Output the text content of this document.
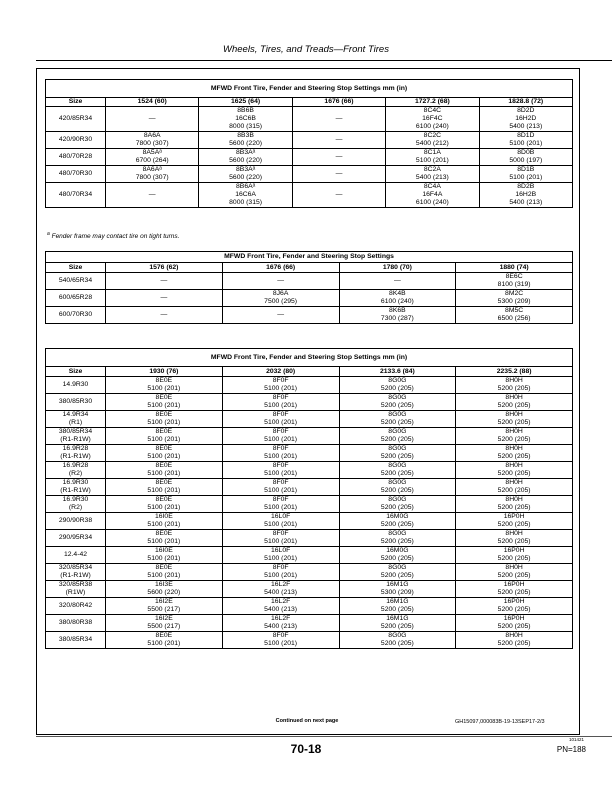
Wheels, Tires, and Treads—Front Tires
MFWD Front Tire, Fender and Steering Stop Settings mm (in)					
Size	1524 (60)	1625 (64)	1676 (66)	1727.2 (68)	1828.8 (72)
420/85R34	—	8B6B
16C6B
8000 (315)	—	8C4C
16F4C
6100 (240)	8D2D
16H2D
5400 (213)

420/90R30	8A6A
7800 (307)	8B3B
5600 (220)	—	8C2C
5400 (212)	8D1D
5100 (201)

480/70R28	8A5Aᵃ
6700 (264)	8B3Aᵃ
5600 (220)	—	8C1A
5100 (201)	8D0B
5000 (197)

480/70R30	8A6Aᵃ
7800 (307)	8B3Aᵃ
5600 (220)	—	8C2A
5400 (213)	8D1B
5100 (201)

480/70R34	—	8B6Aᵃ
16C6A
8000 (315)	—	8C4A
16F4A
6100 (240)	8D2B
16H2B
5400 (213)
$^a$ Fender frame may contact tire on tight turns.
MFWD Front Tire, Fender and Steering Stop Settings				
Size	1576 (62)	1676 (66)	1780 (70)	1880 (74)
540/65R34	—	—	—	8E6C
8100 (319)

600/65R28	—	8J6A
7500 (295)	8K4B
6100 (240)	8M2C
5300 (209)

600/70R30	—	—	8K6B
7300 (287)	8M5C
6500 (256)
MFWD Front Tire, Fender and Steering Stop Settings mm (in)				
Size	1930 (76)	2032 (80)	2133.6 (84)	2235.2 (88)
14.9R30	8E0E
5100 (201)	8F0F
5100 (201)	8G0G
5200 (205)	8H0H
5200 (205)

380/85R30	8E0E
5100 (201)	8F0F
5100 (201)	8G0G
5200 (205)	8H0H
5200 (205)

14.9R34
(R1)	8E0E
5100 (201)	8F0F
5100 (201)	8G0G
5200 (205)	8H0H
5200 (205)

380/85R34
(R1-R1W)	8E0E
5100 (201)	8F0F
5100 (201)	8G0G
5200 (205)	8H0H
5200 (205)

16.9R28
(R1-R1W)	8E0E
5100 (201)	8F0F
5100 (201)	8G0G
5200 (205)	8H0H
5200 (205)

16.9R28
(R2)	8E0E
5100 (201)	8F0F
5100 (201)	8G0G
5200 (205)	8H0H
5200 (205)

16.9R30
(R1-R1W)	8E0E
5100 (201)	8F0F
5100 (201)	8G0G
5200 (205)	8H0H
5200 (205)

16.9R30
(R2)	8E0E
5100 (201)	8F0F
5100 (201)	8G0G
5200 (205)	8H0H
5200 (205)

290/90R38	16I0E
5100 (201)	16L0F
5100 (201)	16M0G
5200 (205)	16P0H
5200 (205)

290/95R34	8E0E
5100 (201)	8F0F
5100 (201)	8G0G
5200 (205)	8H0H
5200 (205)

12.4-42	16I0E
5100 (201)	16L0F
5100 (201)	16M0G
5200 (205)	16P0H
5200 (205)

320/85R34
(R1-R1W)	8E0E
5100 (201)	8F0F
5100 (201)	8G0G
5200 (205)	8H0H
5200 (205)

320/85R38
(R1W)	16I3E
5600 (220)	16L2F
5400 (213)	16M1G
5300 (209)	16P0H
5200 (205)

320/80R42	16I2E
5500 (217)	16L2F
5400 (213)	16M1G
5200 (205)	16P0H
5200 (205)

380/80R38	16I2E
5500 (217)	16L2F
5400 (213)	16M1G
5200 (205)	16P0H
5200 (205)

380/85R34	8E0E
5100 (201)	8F0F
5100 (201)	8G0G
5200 (205)	8H0H
5200 (205)
Continued on next page	GH15097,000083B-19-13SEP17-2/3
70-18
101421
PN=188
